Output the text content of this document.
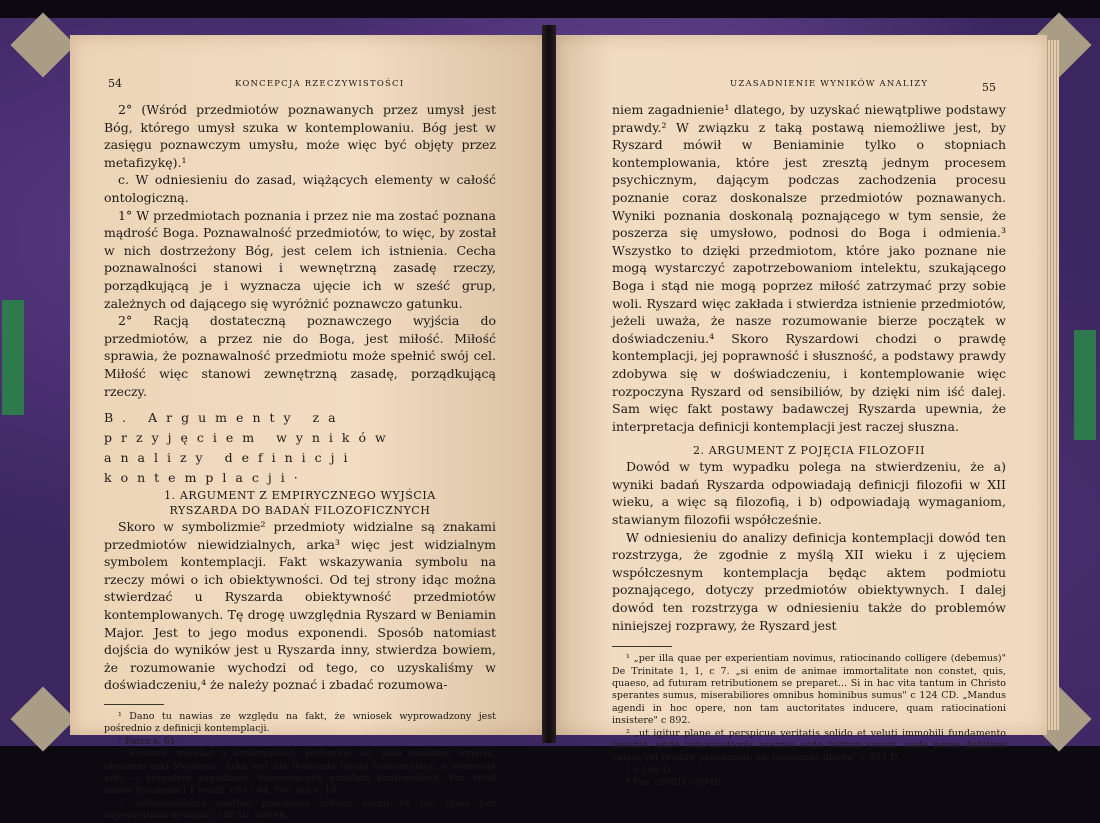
54	KONCEPCJA RZECZYWISTOŚCI

2° (Wśród przedmiotów poznawanych przez umysł jest Bóg, którego umysł szuka w kontemplowaniu. Bóg jest w zasięgu poznawczym umysłu, może więc być objęty przez metafizykę).¹

c. W odniesieniu do zasad, wiążących elementy w całość ontologiczną.

1° W przedmiotach poznania i przez nie ma zostać poznana mądrość Boga. Poznawalność przedmiotów, to więc, by został w nich dostrzeżony Bóg, jest celem ich istnienia. Cecha poznawalności stanowi i wewnętrzną zasadę rzeczy, porządkującą je i wyznacza ujęcie ich w sześć grup, zależnych od dającego się wyróżnić poznawczo gatunku.

2° Racją dostateczną poznawczego wyjścia do przedmiotów, a przez nie do Boga, jest miłość. Miłość sprawia, że poznawalność przedmiotu może spełnić swój cel. Miłość więc stanowi zewnętrzną zasadę, porządkującą rzeczy.

B. Argumenty za przyjęciem wyników analizy definicji kontemplacji·

1. ARGUMENT Z EMPIRYCZNEGO WYJŚCIA RYSZARDA DO BADAŃ FILOZOFICZNYCH

Skoro w symbolizmie² przedmioty widzialne są znakami przedmiotów niewidzialnych, arka³ więc jest widzialnym symbolem kontemplacji. Fakt wskazywania symbolu na rzeczy mówi o ich obiektywności. Od tej strony idąc można stwierdzać u Ryszarda obiektywność przedmiotów kontemplowanych. Tę drogę uwzględnia Ryszard w Beniamin Major. Jest to jego modus exponendi. Sposób natomiast dojścia do wyników jest u Ryszarda inny, stwierdza bowiem, że rozumowanie wychodzi od tego, co uzyskaliśmy w doświadczeniu,⁴ że należy poznać i zbadać rozumowa-

¹ Dano tu nawias ze względu na fakt, że wniosek wyprowadzony jest pośrednio z definicji kontemplacji.

² Patrz s. 61.

³ Ryszard, mówiąc o kontemplacji, posługuje się, jako punktem wyjścia, obrazem arki Mojżesza. Arka jest dla Ryszarda figurą kontemplacji, a elementy arki — zespołem zagadnień, stanowiących problem kontemplacji. Por. tytuł dzieła Ryszarda i 1 rozdz. c63 i 64. Por. też s. 18.

⁴ „ratiocinationis nostrae processus initium sumit ex his, quae per experientiam novimus" c895D, c894B.

UZASADNIENIE WYNIKÓW ANALIZY	55

niem zagadnienie¹ dlatego, by uzyskać niewątpliwe podstawy prawdy.² W związku z taką postawą niemożliwe jest, by Ryszard mówił w Beniaminie tylko o stopniach kontemplowania, które jest zresztą jednym procesem psychicznym, dającym podczas zachodzenia procesu poznanie coraz doskonalsze przedmiotów poznawanych. Wyniki poznania doskonalą poznającego w tym sensie, że poszerza się umysłowo, podnosi do Boga i odmienia.³ Wszystko to dzięki przedmiotom, które jako poznane nie mogą wystarczyć zapotrzebowaniom intelektu, szukającego Boga i stąd nie mogą poprzez miłość zatrzymać przy sobie woli. Ryszard więc zakłada i stwierdza istnienie przedmiotów, jeżeli uważa, że nasze rozumowanie bierze początek w doświadczeniu.⁴ Skoro Ryszardowi chodzi o prawdę kontemplacji, jej poprawność i słuszność, a podstawy prawdy zdobywa się w doświadczeniu, i kontemplowanie więc rozpoczyna Ryszard od sensibiliów, by dzięki nim iść dalej. Sam więc fakt postawy badawczej Ryszarda upewnia, że interpretacja definicji kontemplacji jest raczej słuszna.

2. ARGUMENT Z POJĘCIA FILOZOFII

Dowód w tym wypadku polega na stwierdzeniu, że a) wyniki badań Ryszarda odpowiadają definicji filozofii w XII wieku, a więc są filozofią, i b) odpowiadają wymaganiom, stawianym filozofii współcześnie.

W odniesieniu do analizy definicja kontemplacji dowód ten rozstrzyga, że zgodnie z myślą XII wieku i z ujęciem współczesnym kontemplacja będąc aktem podmiotu poznającego, dotyczy przedmiotów obiektywnych. I dalej dowód ten rozstrzyga w odniesieniu także do problemów niniejszej rozprawy, że Ryszard jest

¹ „per illa quae per experientiam novimus, ratiocinando colligere (debemus)" De Trinitate 1, 1, c 7. „si enim de animae immortalitate non constet, quis, quaeso, ad futuram retributionem se preparet... Si in hac vita tantum in Christo sperantes sumus, miserabiliores omnibus hominibus sumus" c 124 CD. „Mandus agendi in hoc opere, non tam auctoritates inducere, quam ratiocinationi insistere" c 892.

² „ut igitur plane et perspicue veritatis solido et veluti immobili fundamento insistat, unde ratiocinationis nostrae ordo initium sumat, unde nemo dubitare valeat vel resilire praesumat, sic possumus dicere" c 893 D.

³ c 169 D.

⁴ Por. c895D, c894B.
